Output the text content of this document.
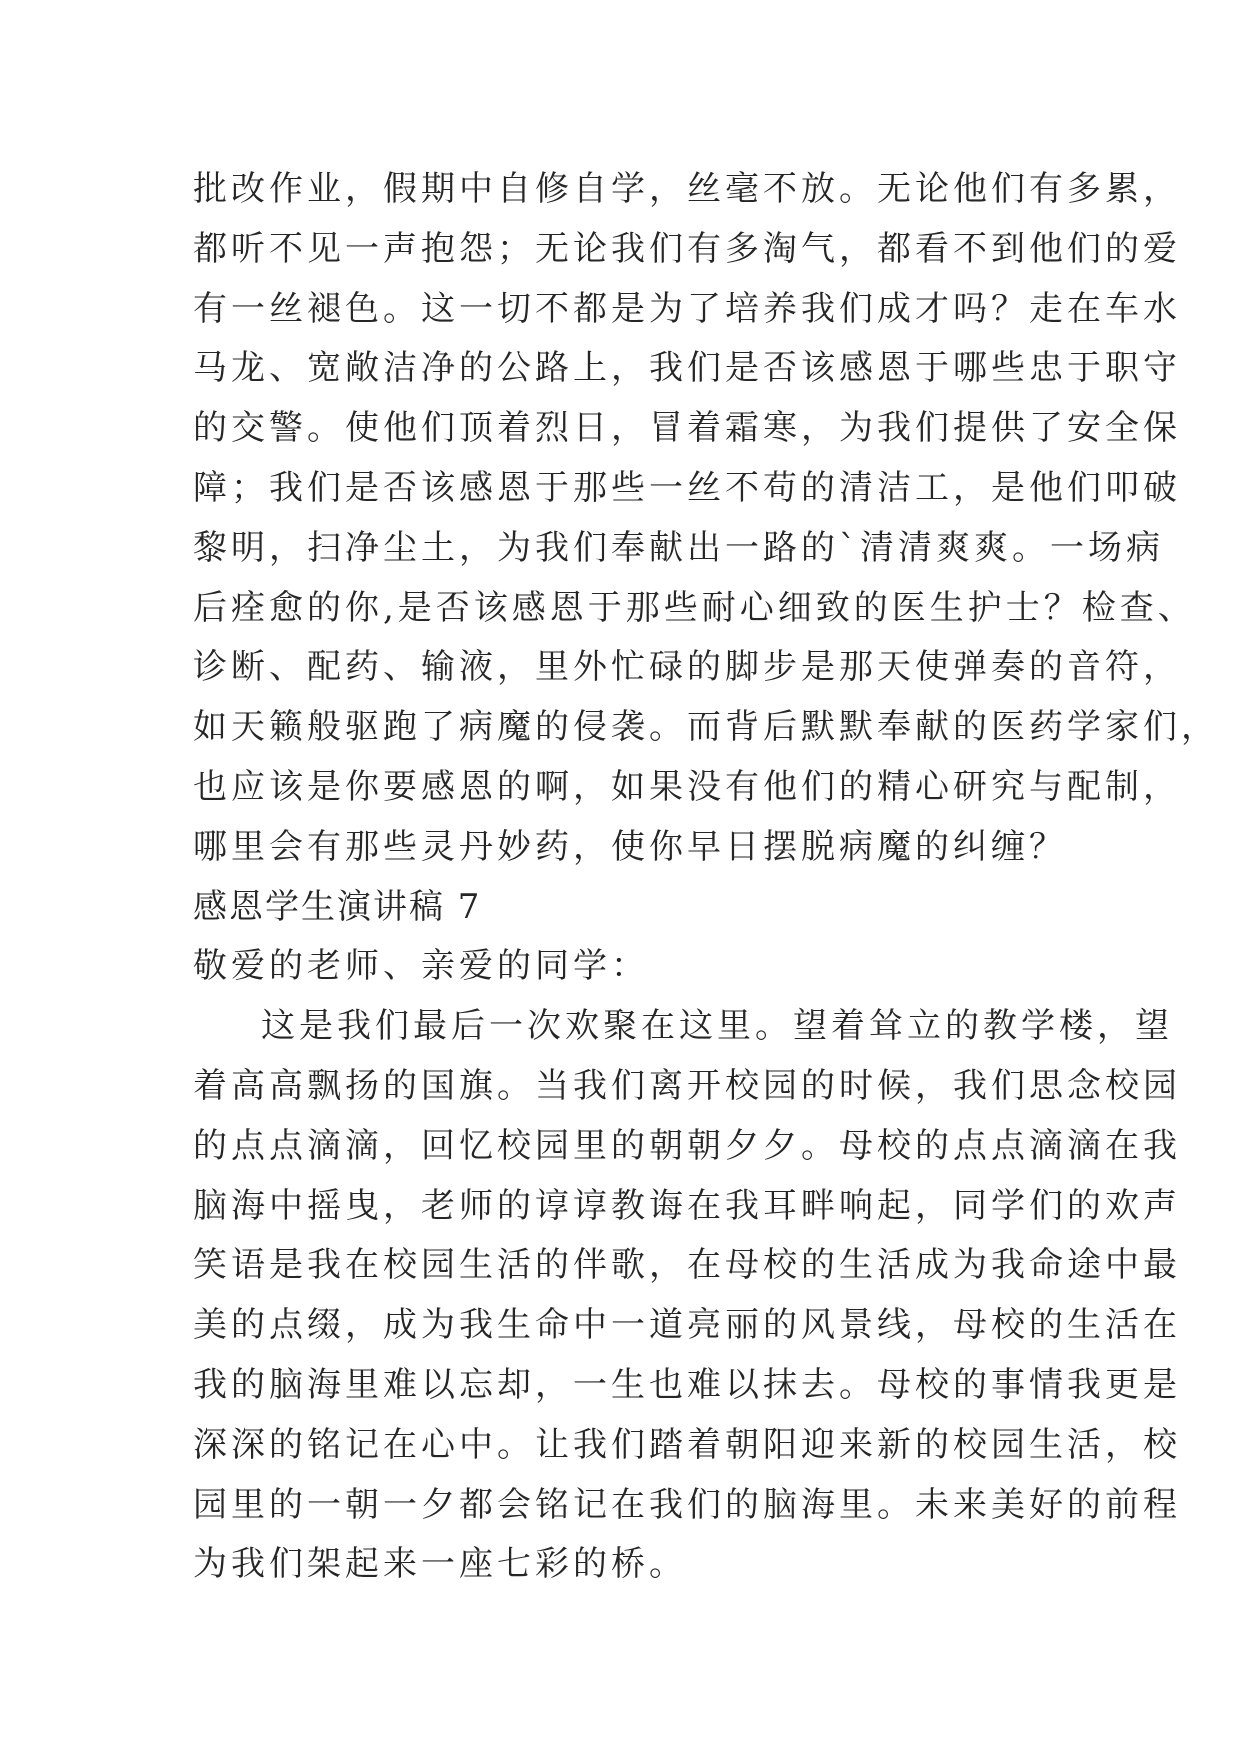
批改作业，假期中自修自学，丝毫不放。无论他们有多累，
都听不见一声抱怨；无论我们有多淘气，都看不到他们的爱
有一丝褪色。这一切不都是为了培养我们成才吗？走在车水
马龙、宽敞洁净的公路上，我们是否该感恩于哪些忠于职守
的交警。使他们顶着烈日，冒着霜寒，为我们提供了安全保
障；我们是否该感恩于那些一丝不苟的清洁工，是他们叩破
黎明，扫净尘土，为我们奉献出一路的`清清爽爽。一场病
后痊愈的你,是否该感恩于那些耐心细致的医生护士？检查、
诊断、配药、输液，里外忙碌的脚步是那天使弹奏的音符，
如天籁般驱跑了病魔的侵袭。而背后默默奉献的医药学家们，
也应该是你要感恩的啊，如果没有他们的精心研究与配制，
哪里会有那些灵丹妙药，使你早日摆脱病魔的纠缠？
感恩学生演讲稿 7
敬爱的老师、亲爱的同学：
这是我们最后一次欢聚在这里。望着耸立的教学楼，望
着高高飘扬的国旗。当我们离开校园的时候，我们思念校园
的点点滴滴，回忆校园里的朝朝夕夕。母校的点点滴滴在我
脑海中摇曳，老师的谆谆教诲在我耳畔响起，同学们的欢声
笑语是我在校园生活的伴歌，在母校的生活成为我命途中最
美的点缀，成为我生命中一道亮丽的风景线，母校的生活在
我的脑海里难以忘却，一生也难以抹去。母校的事情我更是
深深的铭记在心中。让我们踏着朝阳迎来新的校园生活，校
园里的一朝一夕都会铭记在我们的脑海里。未来美好的前程
为我们架起来一座七彩的桥。
